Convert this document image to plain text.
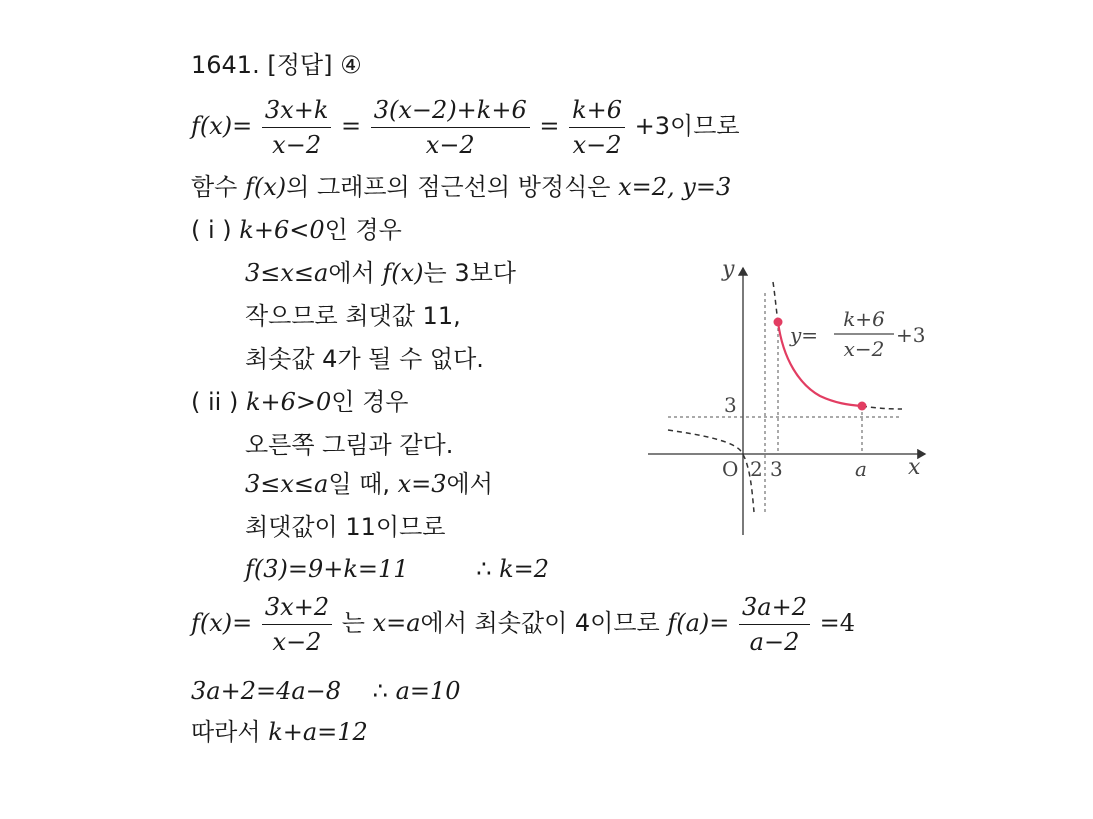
1641. [정답] ④
$f(x)= \frac{3x+k}{x-2} = \frac{3(x-2)+k+6}{x-2} = \frac{k+6}{x-2} +3$이므로
함수 f(x)의 그래프의 점근선의 방정식은 x=2, y=3
( i ) k+6<0인 경우
3≤x≤a에서 f(x)는 3보다
작으므로 최댓값 11,
최솟값 4가 될 수 없다.
( ii ) k+6>0인 경우
오른쪽 그림과 같다.
3≤x≤a일 때, x=3에서
최댓값이 11이므로
f(3)=9+k=11	∴ k=2
$f(x)= \frac{3x+2}{x-2}$ 는 x=a에서 최솟값이 4이므로 $f(a)= \frac{3a+2}{a-2} =4$
3a+2=4a−8 ∴ a=10
따라서 k+a=12
y
x
O 2 3	a
3
y=
k+6
x−2
+3
